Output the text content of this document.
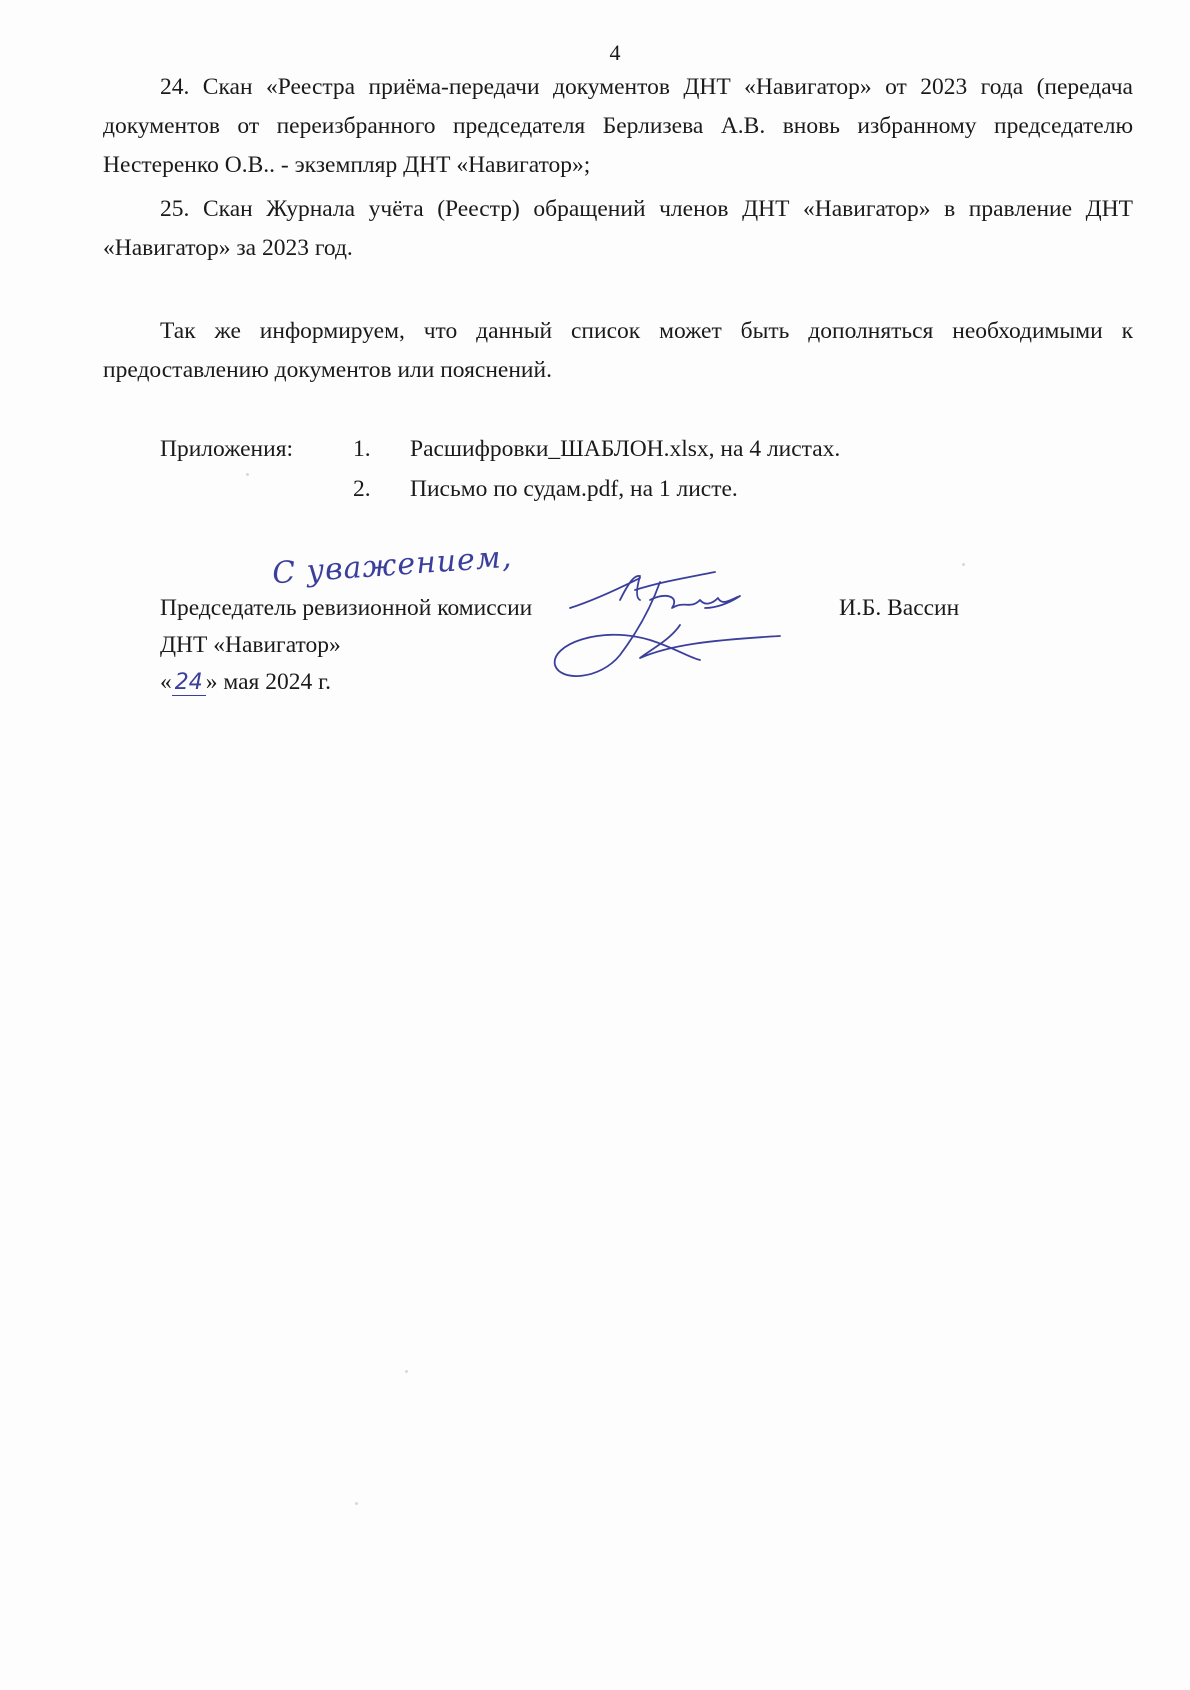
4

24. Скан «Реестра приёма-передачи документов ДНТ «Навигатор» от 2023 года (передача документов от переизбранного председателя Берлизева А.В. вновь избранному председателю Нестеренко О.В.. - экземпляр ДНТ «Навигатор»;

25. Скан Журнала учёта (Реестр) обращений членов ДНТ «Навигатор» в правление ДНТ «Навигатор» за 2023 год.

Так же информируем, что данный список может быть дополняться необходимыми к предоставлению документов или пояснений.

Приложения:	1.	Расшифровки_ШАБЛОН.xlsx, на 4 листах.
2.	Письмо по судам.pdf, на 1 листе.
С уважением,
Председатель ревизионной комиссии
ДНТ «Навигатор»
« 24 » мая 2024 г.
И.Б. Вассин
